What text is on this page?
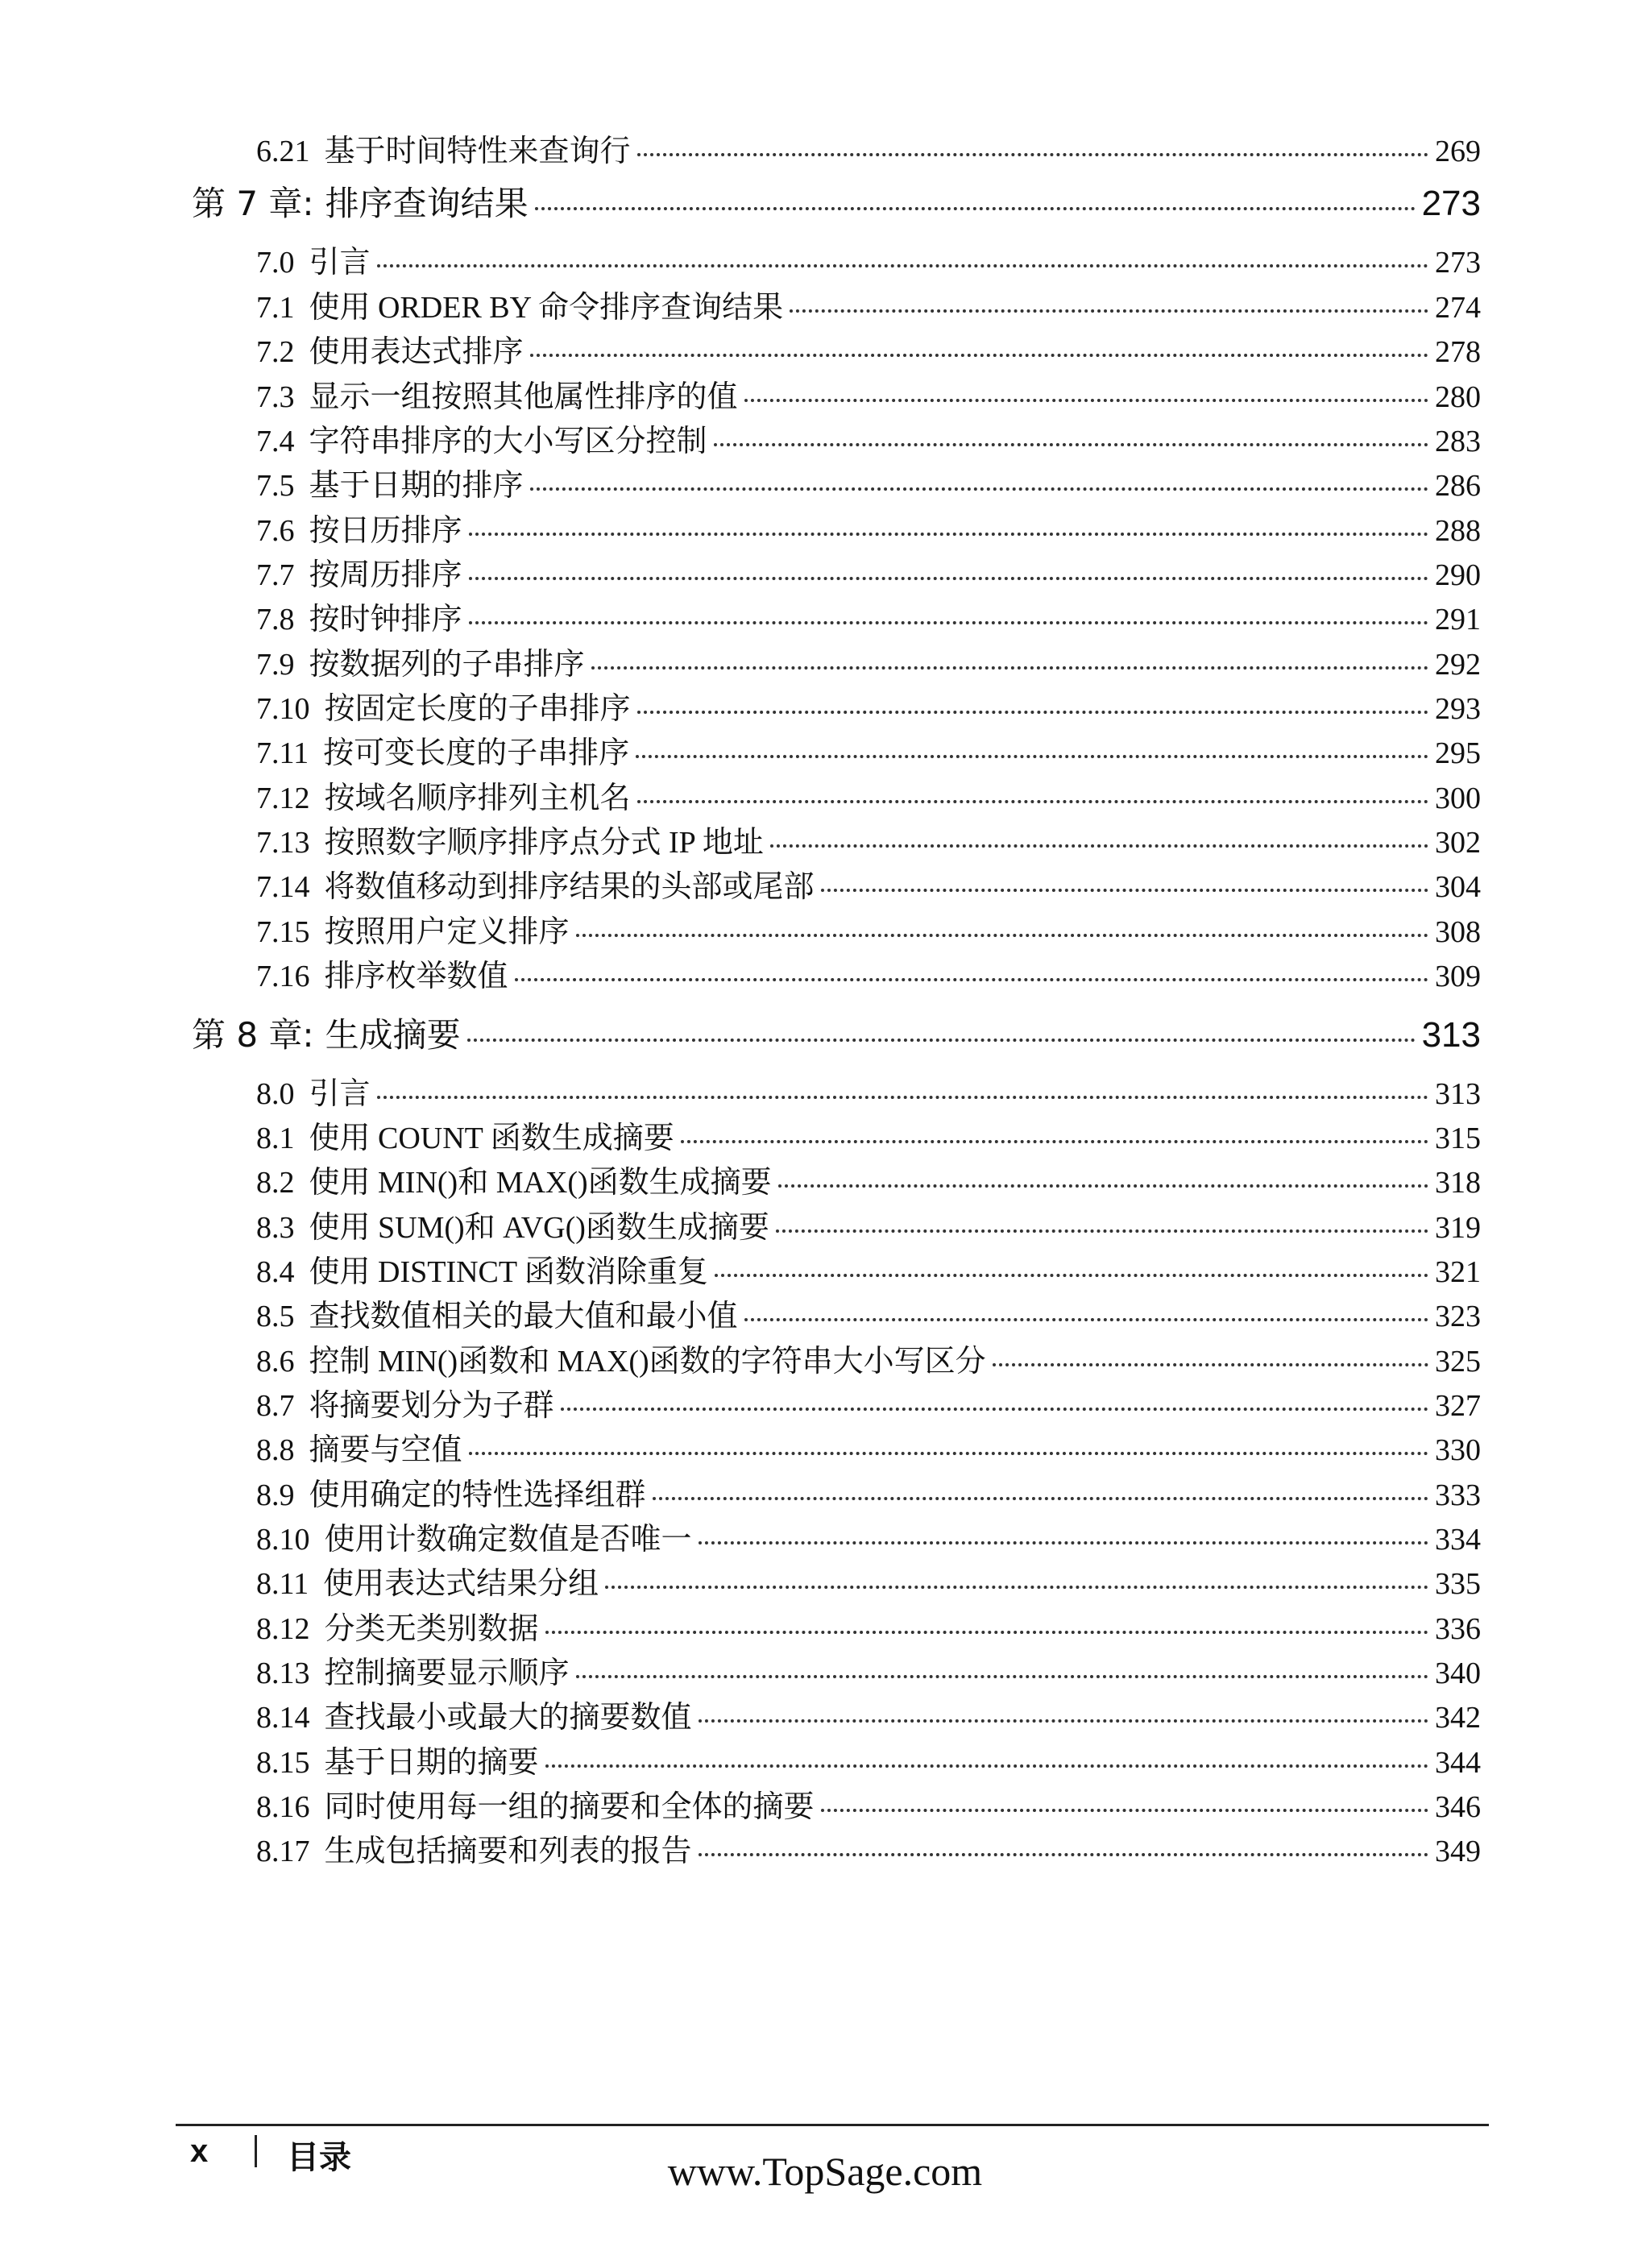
6.21 基于时间特性来查询行	269
第 7 章: 排序查询结果	273
7.0 引言	273
7.1 使用 ORDER BY 命令排序查询结果	274
7.2 使用表达式排序	278
7.3 显示一组按照其他属性排序的值	280
7.4 字符串排序的大小写区分控制	283
7.5 基于日期的排序	286
7.6 按日历排序	288
7.7 按周历排序	290
7.8 按时钟排序	291
7.9 按数据列的子串排序	292
7.10 按固定长度的子串排序	293
7.11 按可变长度的子串排序	295
7.12 按域名顺序排列主机名	300
7.13 按照数字顺序排序点分式 IP 地址	302
7.14 将数值移动到排序结果的头部或尾部	304
7.15 按照用户定义排序	308
7.16 排序枚举数值	309
第 8 章: 生成摘要	313
8.0 引言	313
8.1 使用 COUNT 函数生成摘要	315
8.2 使用 MIN()和 MAX()函数生成摘要	318
8.3 使用 SUM()和 AVG()函数生成摘要	319
8.4 使用 DISTINCT 函数消除重复	321
8.5 查找数值相关的最大值和最小值	323
8.6 控制 MIN()函数和 MAX()函数的字符串大小写区分	325
8.7 将摘要划分为子群	327
8.8 摘要与空值	330
8.9 使用确定的特性选择组群	333
8.10 使用计数确定数值是否唯一	334
8.11 使用表达式结果分组	335
8.12 分类无类别数据	336
8.13 控制摘要显示顺序	340
8.14 查找最小或最大的摘要数值	342
8.15 基于日期的摘要	344
8.16 同时使用每一组的摘要和全体的摘要	346
8.17 生成包括摘要和列表的报告	349
x 目录	www.TopSage.com
